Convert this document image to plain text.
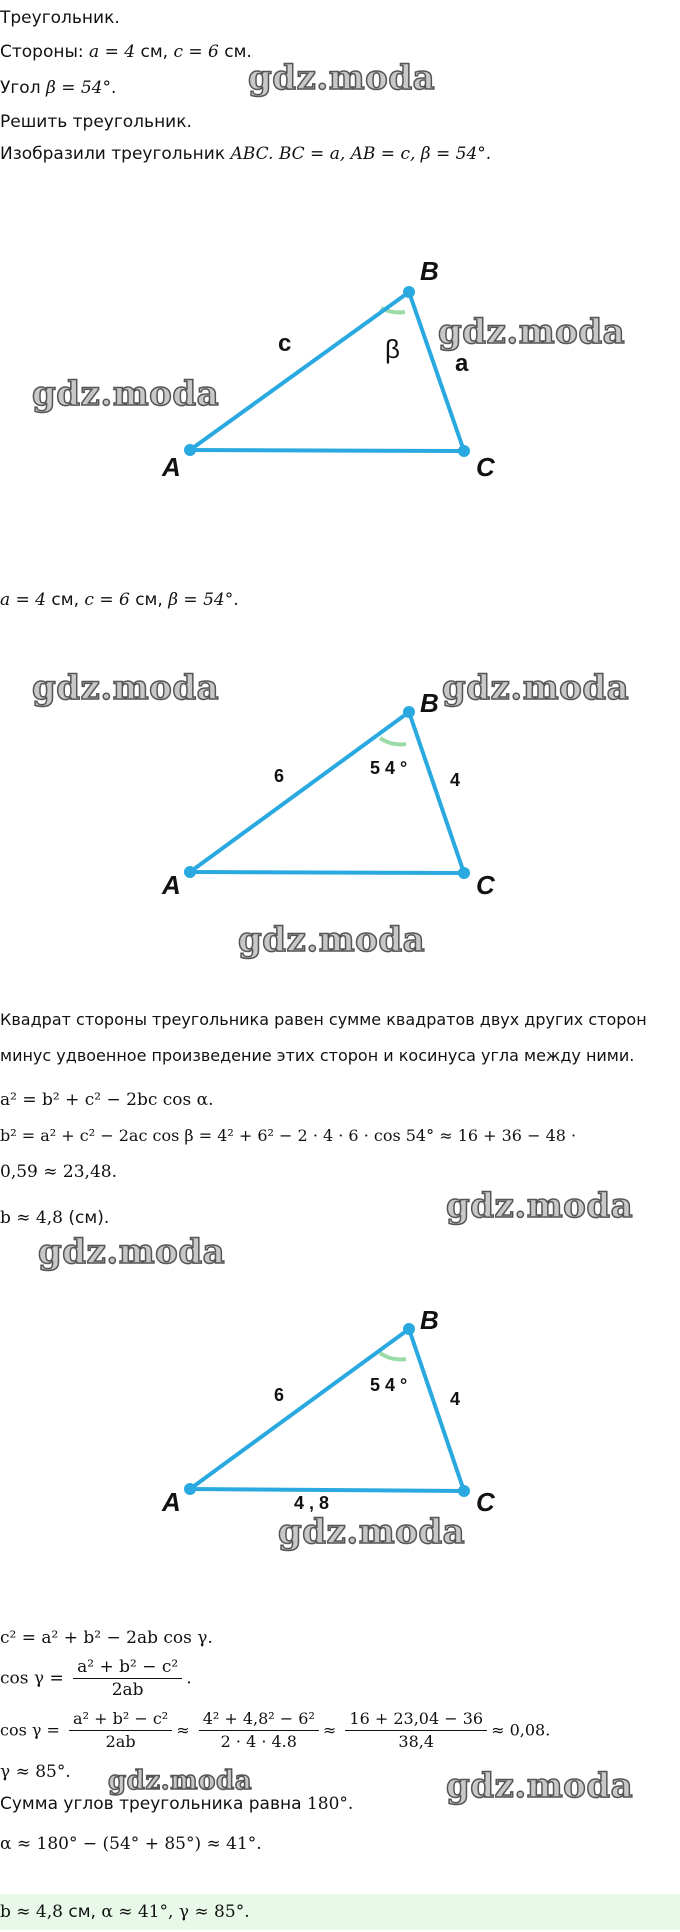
Треугольник.
Стороны: a = 4 см, c = 6 см.
Угол β = 54°.
Решить треугольник.
Изобразили треугольник ABC. BC = a, AB = c, β = 54°.
A
B
C
c
a
β
a = 4 см, c = 6 см, β = 54°.
A
B
C
6	4
5 4 °
Квадрат стороны треугольника равен сумме квадратов двух других сторон
минус удвоенное произведение этих сторон и косинуса угла между ними.
a² = b² + c² − 2bc cos α.
b² = a² + c² − 2ac cos β = 4² + 6² − 2 · 4 · 6 · cos 54° ≈ 16 + 36 − 48 ·
0,59 ≈ 23,48.
b ≈ 4,8 (см).
A
B
C
6	4
5 4 °
4 , 8
c² = a² + b² − 2ab cos γ.
$\cos \gamma = \frac{\text{a² + b² − c²}}{2ab}$ .
$\cos \gamma = \frac{\text{a² + b² − c²}}{2ab} \approx \frac{\text{4² + 4,8² − 6²}}{2 \cdot 4 \cdot 4.8} \approx \frac{16 + 23,04 - 36}{38,4} \approx 0,08$.
γ ≈ 85°.
Сумма углов треугольника равна 180°.
α ≈ 180° − (54° + 85°) ≈ 41°.
b ≈ 4,8 см, α ≈ 41°, γ ≈ 85°.
gdz.moda
gdz.moda
gdz.moda
gdz.moda	gdz.moda
gdz.moda
gdz.moda
gdz.moda
gdz.moda
gdz.moda	gdz.moda
